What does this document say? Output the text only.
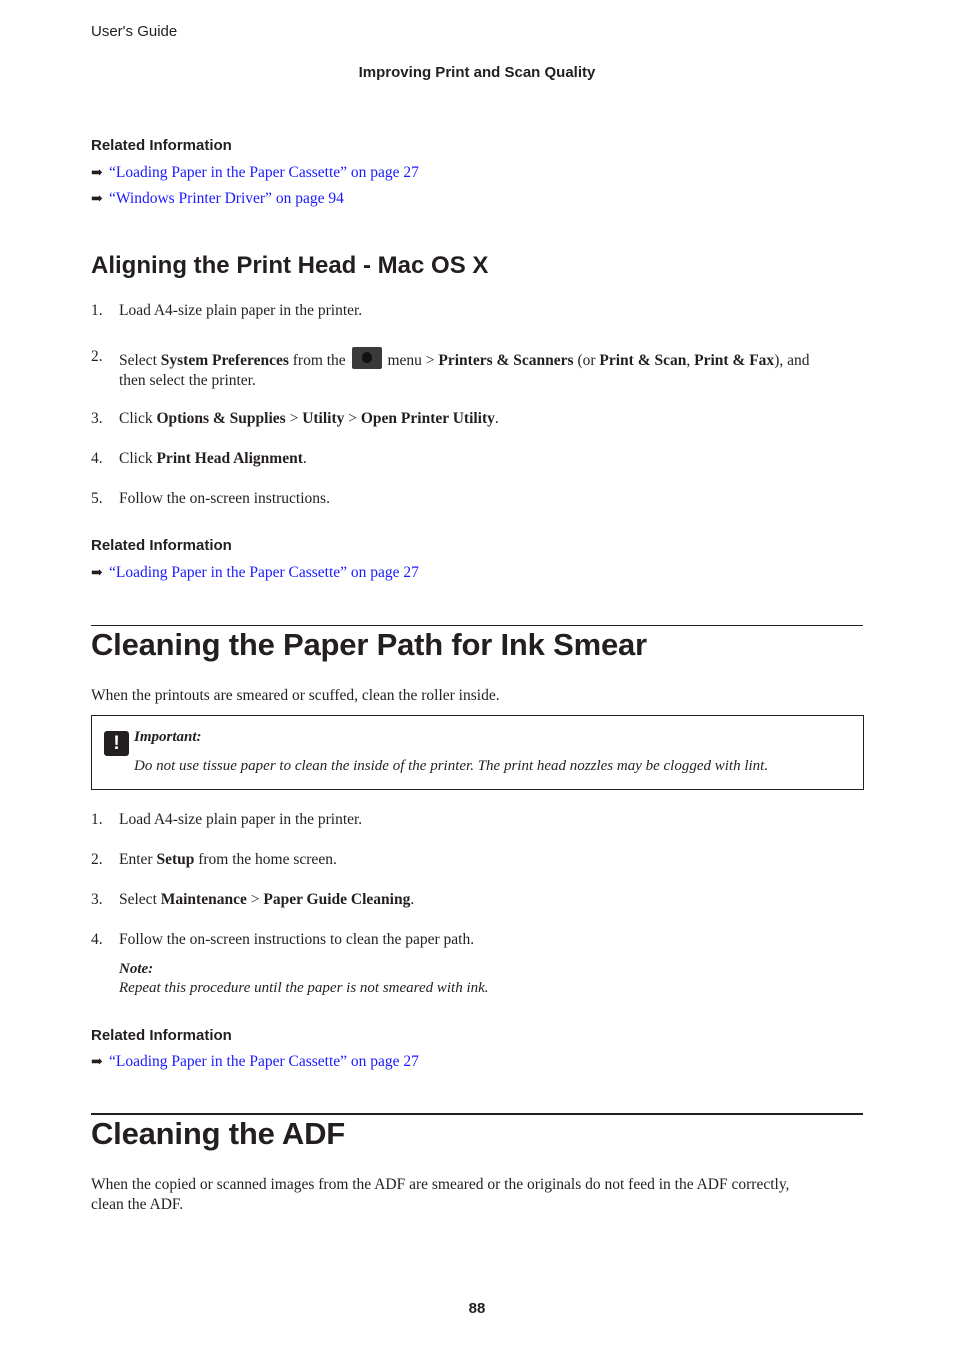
User's Guide
Improving Print and Scan Quality
Related Information
➡ “Loading Paper in the Paper Cassette” on page 27
➡ “Windows Printer Driver” on page 94
Aligning the Print Head - Mac OS X
1.	Load A4-size plain paper in the printer.
2.	Select System Preferences from the  menu > Printers & Scanners (or Print & Scan, Print & Fax), and
then select the printer.
3.	Click Options & Supplies > Utility > Open Printer Utility.
4.	Click Print Head Alignment.
5.	Follow the on-screen instructions.
Related Information
➡ “Loading Paper in the Paper Cassette” on page 27
Cleaning the Paper Path for Ink Smear
When the printouts are smeared or scuffed, clean the roller inside.
! Important:
Do not use tissue paper to clean the inside of the printer. The print head nozzles may be clogged with lint.
1.	Load A4-size plain paper in the printer.
2.	Enter Setup from the home screen.
3.	Select Maintenance > Paper Guide Cleaning.
4.	Follow the on-screen instructions to clean the paper path.
Note:
Repeat this procedure until the paper is not smeared with ink.
Related Information
➡ “Loading Paper in the Paper Cassette” on page 27
Cleaning the ADF
When the copied or scanned images from the ADF are smeared or the originals do not feed in the ADF correctly,
clean the ADF.
88
